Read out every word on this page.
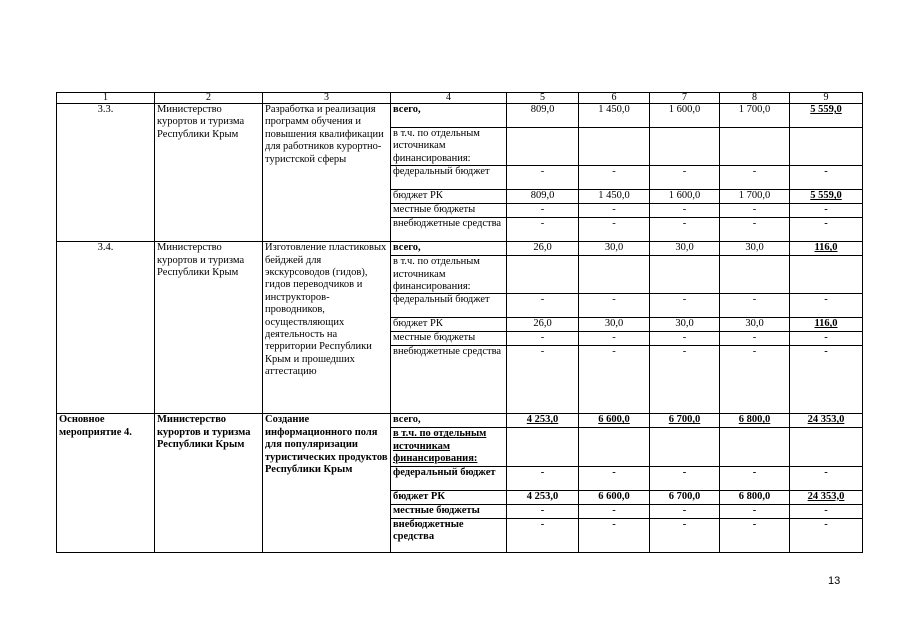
1	2	3	4	5	6	7	8	9
3.3.	Министерство курортов и туризма Республики Крым	Разработка и реализация программ обучения и повышения квалификации для работников курортно-туристской сферы	всего,	809,0	1 450,0	1 600,0	1 700,0	5 559,0
			в т.ч. по отдельным источникам финансирования:					
			федеральный бюджет	-	-	-	-	-
			бюджет РК	809,0	1 450,0	1 600,0	1 700,0	5 559,0
			местные бюджеты	-	-	-	-	-
			внебюджетные средства	-	-	-	-	-
3.4.	Министерство курортов и туризма Республики Крым	Изготовление пластиковых бейджей для экскурсоводов (гидов), гидов переводчиков и инструкторов-проводников, осуществляющих деятельность на территории Республики Крым и прошедших аттестацию	всего,	26,0	30,0	30,0	30,0	116,0
			в т.ч. по отдельным источникам финансирования:					
			федеральный бюджет	-	-	-	-	-
			бюджет РК	26,0	30,0	30,0	30,0	116,0
			местные бюджеты	-	-	-	-	-
			внебюджетные средства	-	-	-	-	-
Основное мероприятие 4.	Министерство курортов и туризма Республики Крым	Создание информационного поля для популяризации туристических продуктов Республики Крым	всего,	4 253,0	6 600,0	6 700,0	6 800,0	24 353,0
			в т.ч. по отдельным источникам финансирования:					
			федеральный бюджет	-	-	-	-	-
			бюджет РК	4 253,0	6 600,0	6 700,0	6 800,0	24 353,0
			местные бюджеты	-	-	-	-	-
			внебюджетные средства	-	-	-	-	-
13
